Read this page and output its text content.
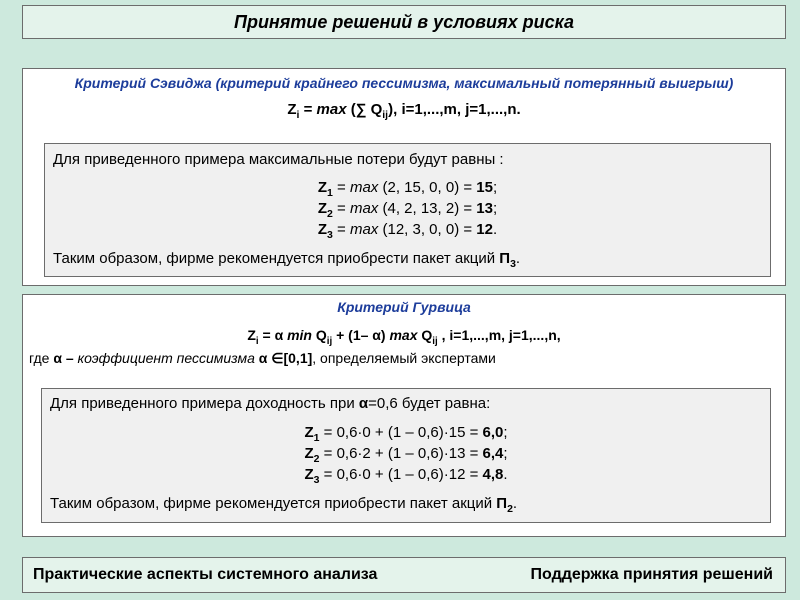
Принятие решений в условиях риска
Критерий Сэвиджа (критерий крайнего пессимизма, максимальный потерянный выигрыш)
$Z_i = \max$ (∑ $Q_{ij}$), i=1,...,m, j=1,...,n.
Для приведенного примера максимальные потери будут равны :
$Z_1 = \max (2$, 15, 0, 0) = 15;
$Z_2 = \max (4$, 2, 13, 2) = 13;
$Z_3 = \max (12$, 3, 0, 0) = 12.
Таким образом, фирме рекомендуется приобрести пакет акций $П_3$.
Критерий Гурвица
$Z_i = \alpha$ $\min Q_{ij} + (1-$ α) $\max Q_{ij}$ , i=1,...,m, j=1,...,n,
где α – коэффициент пессимизма α ∈[0,1], определяемый экспертами
Для приведенного примера доходность при α=0,6 будет равна:
$Z_1 = 0,6\cdot 0 + (1 - 0,6)\cdot 15 = 6,0$;
$Z_2 = 0,6\cdot 2 + (1 - 0,6)\cdot 13 = 6,4$;
$Z_3 = 0,6\cdot 0 + (1 - 0,6)\cdot 12 = 4,8$.
Таким образом, фирме рекомендуется приобрести пакет акций $П_2$.
Практические аспекты системного анализа	Поддержка принятия решений
